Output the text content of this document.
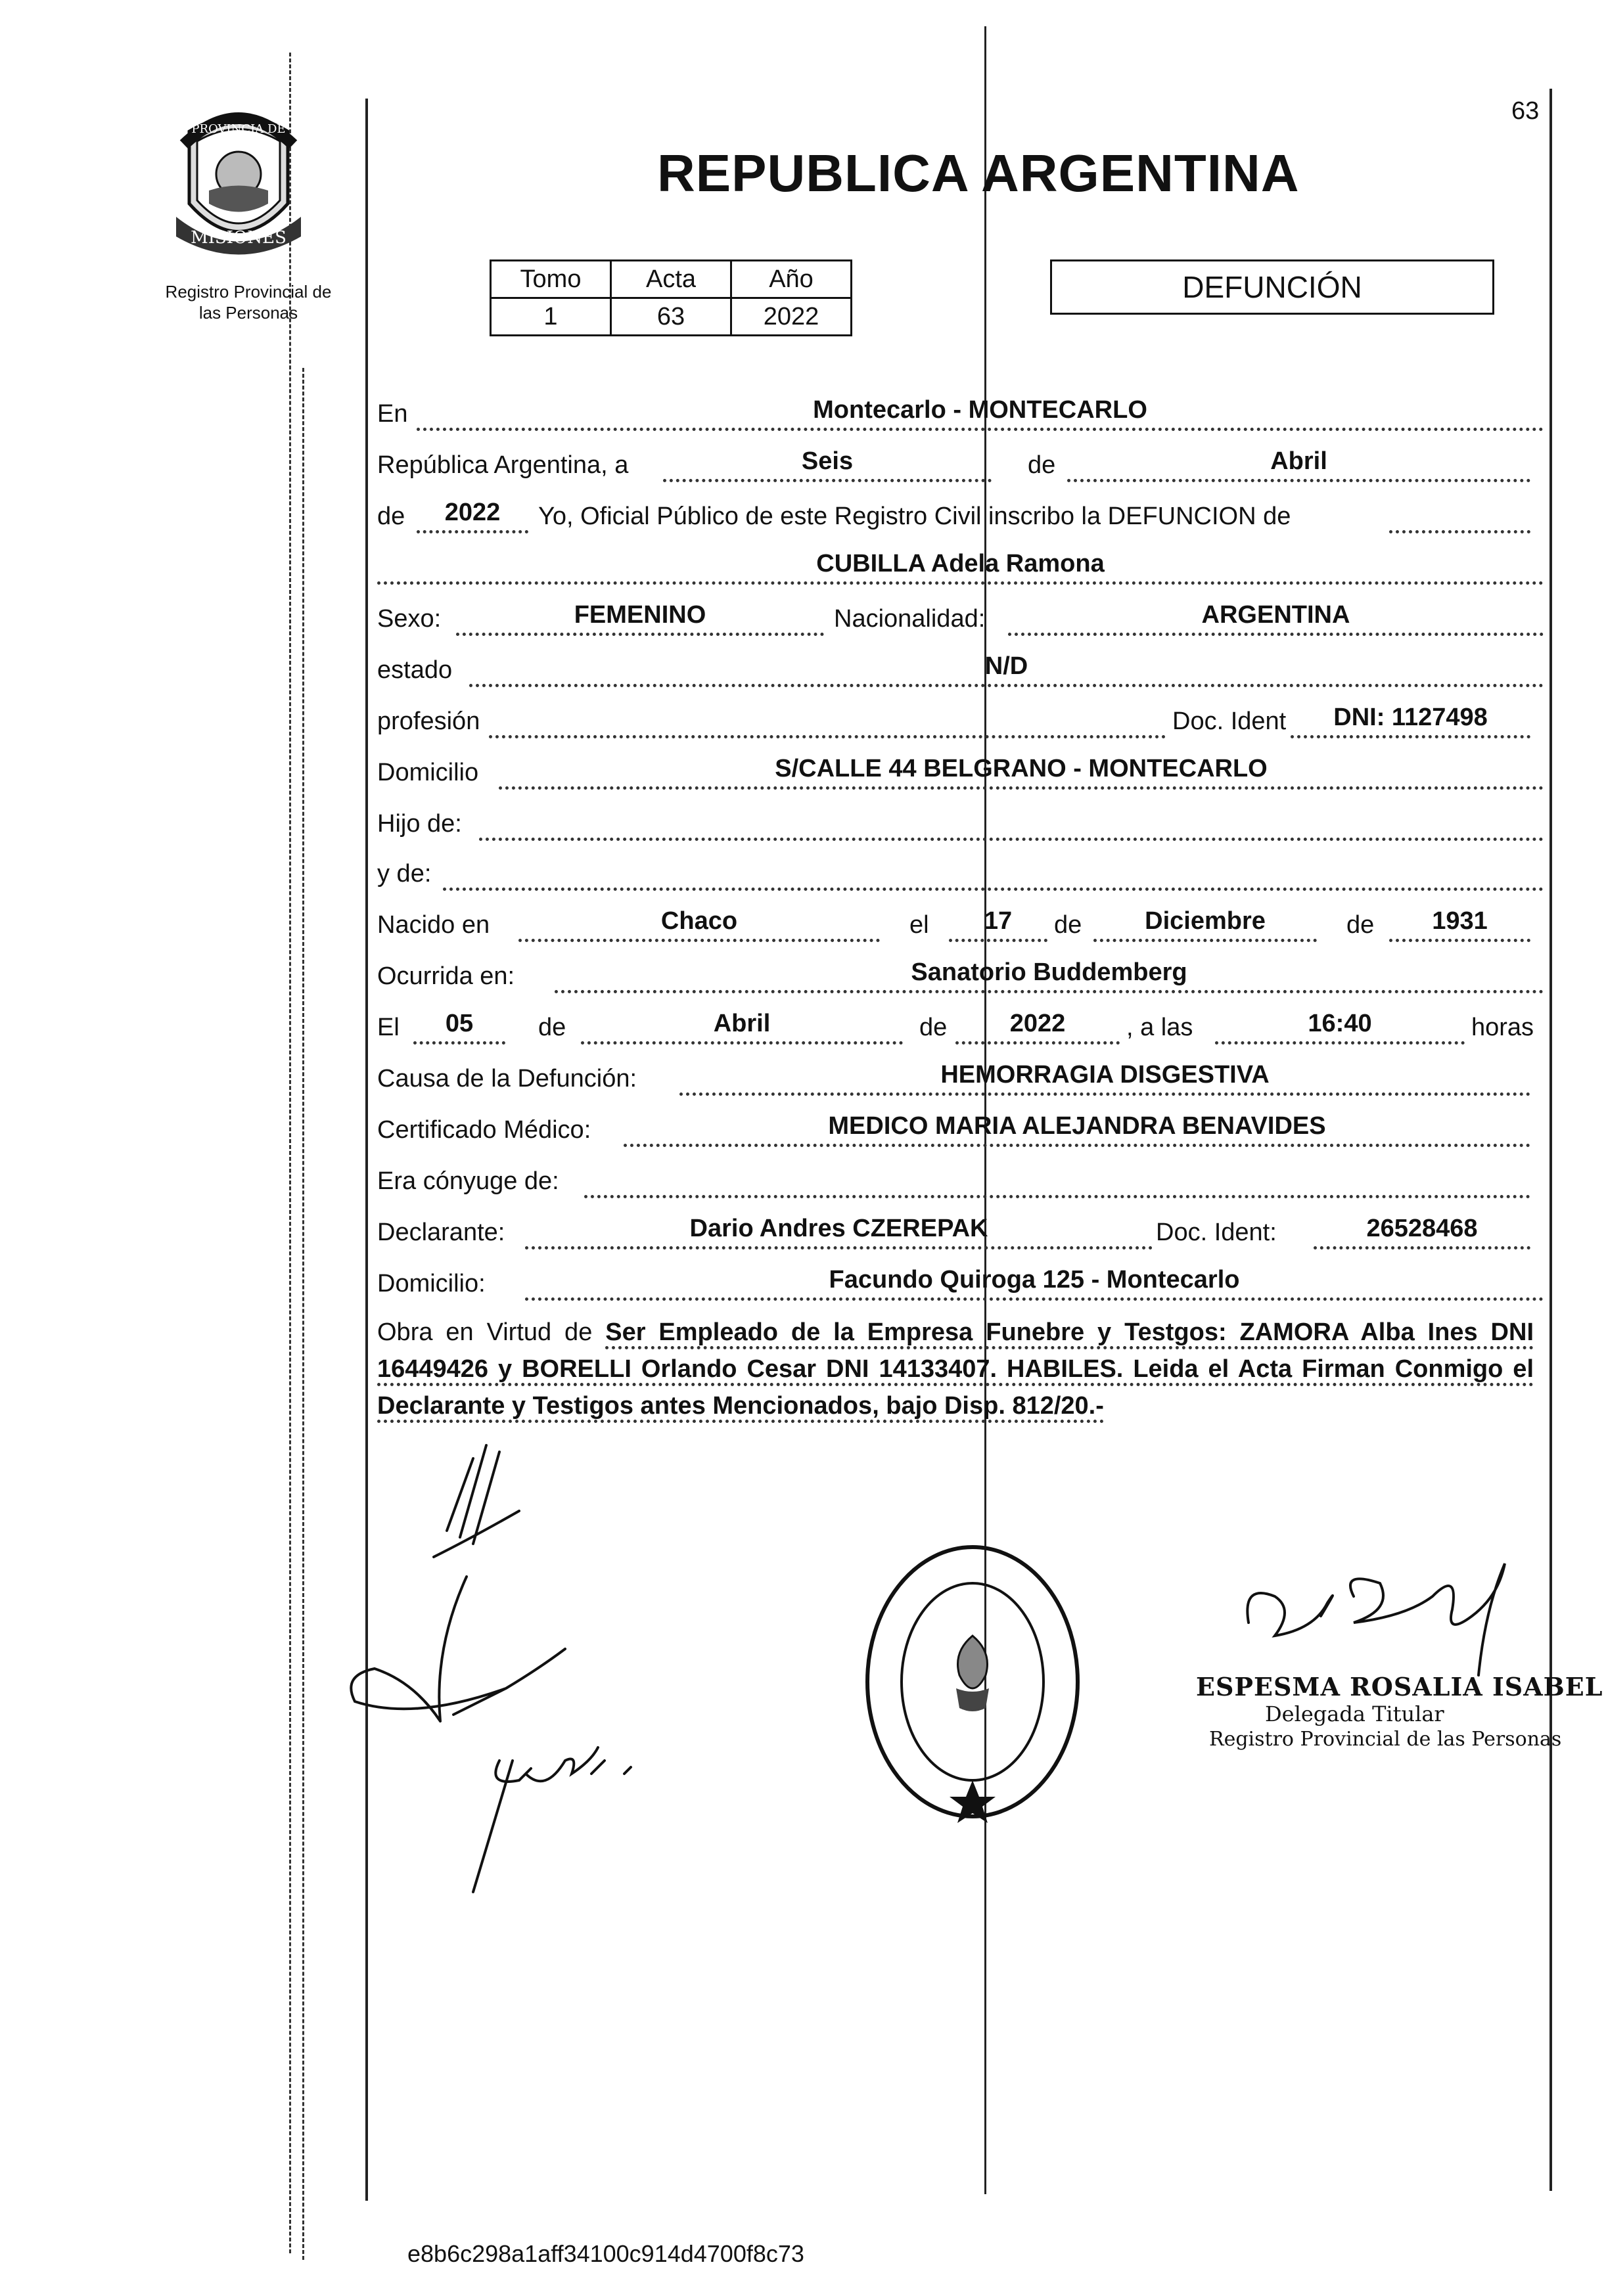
63
MISIONES
PROVINCIA DE
Registro Provincial de
las Personas
REPUBLICA ARGENTINA
Tomo	Acta	Año
1	63	2022
DEFUNCIÓN
En	Montecarlo - MONTECARLO
República Argentina, a	Seis	de	Abril
de	2022	Yo, Oficial Público de este Registro Civil inscribo la DEFUNCION de
CUBILLA Adela Ramona
Sexo:	FEMENINO	Nacionalidad:	ARGENTINA
estado	N/D
profesión	Doc. Ident	DNI: 1127498
Domicilio	S/CALLE 44 BELGRANO - MONTECARLO
Hijo de:
y de:
Nacido en	Chaco	el	17	de	Diciembre	de	1931
Ocurrida en:	Sanatorio Buddemberg
El	05	de	Abril	de	2022	, a las	16:40	horas
Causa de la Defunción:	HEMORRAGIA DISGESTIVA
Certificado Médico:	MEDICO MARIA ALEJANDRA BENAVIDES
Era cónyuge de:
Declarante:	Dario Andres CZEREPAK	Doc. Ident:	26528468
Domicilio:	Facundo Quiroga 125 - Montecarlo
Obra en Virtud de Ser Empleado de la Empresa Funebre y Testgos: ZAMORA Alba Ines DNI 16449426 y BORELLI Orlando Cesar DNI 14133407. HABILES. Leida el Acta Firman Conmigo el Declarante y Testigos antes Mencionados, bajo Disp. 812/20.-
ESPESMA ROSALIA ISABEL
Delegada Titular
Registro Provincial de las Personas
e8b6c298a1aff34100c914d4700f8c73
